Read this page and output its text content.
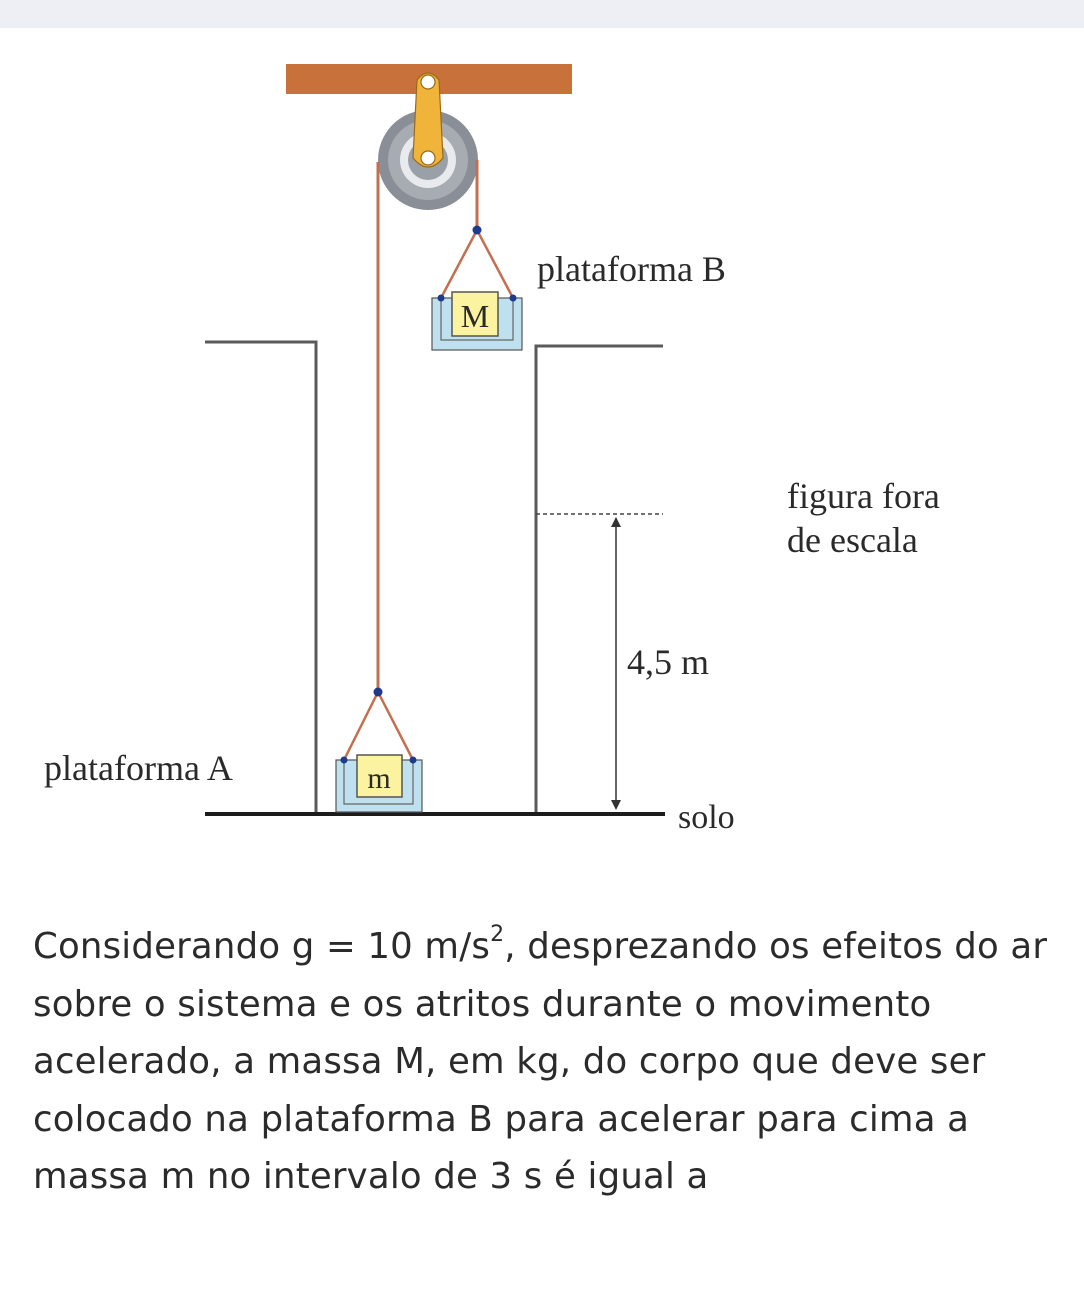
M
m
plataforma B
plataforma A
figura fora
de escala
4,5 m
solo
Considerando g = 10 $m/s^2$, desprezando os efeitos do ar sobre o sistema e os atritos durante o movimento acelerado, a massa M, em kg, do corpo que deve ser colocado na plataforma B para acelerar para cima a massa m no intervalo de 3 s é igual a
